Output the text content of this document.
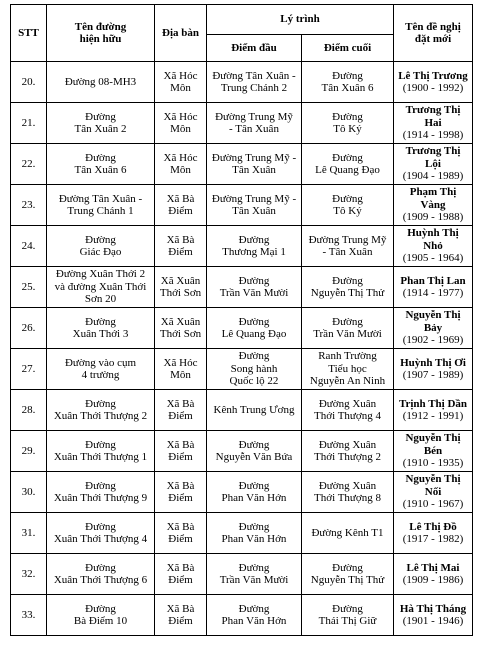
STT	Tên đường
hiện hữu	Địa bàn	Lý trình		Tên đề nghị
đặt mới

			Điểm đầu	Điểm cuối	
20.	Đường 08-MH3	Xã Hóc
Môn	Đường Tân Xuân -
Trung Chánh 2	Đường
Tân Xuân 6	Lê Thị Trương
(1900 - 1992)

21.	Đường
Tân Xuân 2	Xã Hóc
Môn	Đường Trung Mỹ
- Tân Xuân	Đường
Tô Ký	Trương Thị
Hai
(1914 - 1998)

22.	Đường
Tân Xuân 6	Xã Hóc
Môn	Đường Trung Mỹ -
Tân Xuân	Đường
Lê Quang Đạo	Trương Thị
Lội
(1904 - 1989)

23.	Đường Tân Xuân -
Trung Chánh 1	Xã Bà
Điểm	Đường Trung Mỹ -
Tân Xuân	Đường
Tô Ký	Phạm Thị
Vàng
(1909 - 1988)

24.	Đường
Giác Đạo	Xã Bà
Điểm	Đường
Thương Mại 1	Đường Trung Mỹ
- Tân Xuân	Huỳnh Thị
Nhỏ
(1905 - 1964)

25.	Đường Xuân Thới 2
và đường Xuân Thới
Sơn 20	Xã Xuân
Thới Sơn	Đường
Trần Văn Mười	Đường
Nguyễn Thị Thử	Phan Thị Lan
(1914 - 1977)

26.	Đường
Xuân Thới 3	Xã Xuân
Thới Sơn	Đường
Lê Quang Đạo	Đường
Trần Văn Mười	Nguyễn Thị
Bảy
(1902 - 1969)

27.	Đường vào cụm
4 trường	Xã Hóc
Môn	Đường
Song hành
Quốc lộ 22	Ranh Trường
Tiểu học
Nguyễn An Ninh	Huỳnh Thị Ơi
(1907 - 1989)

28.	Đường
Xuân Thới Thượng 2	Xã Bà
Điểm	Kênh Trung Ương	Đường Xuân
Thới Thượng 4	Trịnh Thị Dần
(1912 - 1991)

29.	Đường
Xuân Thới Thượng 1	Xã Bà
Điểm	Đường
Nguyễn Văn Bứa	Đường Xuân
Thới Thượng 2	Nguyễn Thị
Bén
(1910 - 1935)

30.	Đường
Xuân Thới Thượng 9	Xã Bà
Điểm	Đường
Phan Văn Hớn	Đường Xuân
Thới Thượng 8	Nguyễn Thị
Nối
(1910 - 1967)

31.	Đường
Xuân Thới Thượng 4	Xã Bà
Điểm	Đường
Phan Văn Hớn	Đường Kênh T1	Lê Thị Đồ
(1917 - 1982)

32.	Đường
Xuân Thới Thượng 6	Xã Bà
Điểm	Đường
Trần Văn Mười	Đường
Nguyễn Thị Thử	Lê Thị Mai
(1909 - 1986)

33.	Đường
Bà Điểm 10	Xã Bà
Điểm	Đường
Phan Văn Hớn	Đường
Thái Thị Giữ	Hà Thị Tháng
(1901 - 1946)
